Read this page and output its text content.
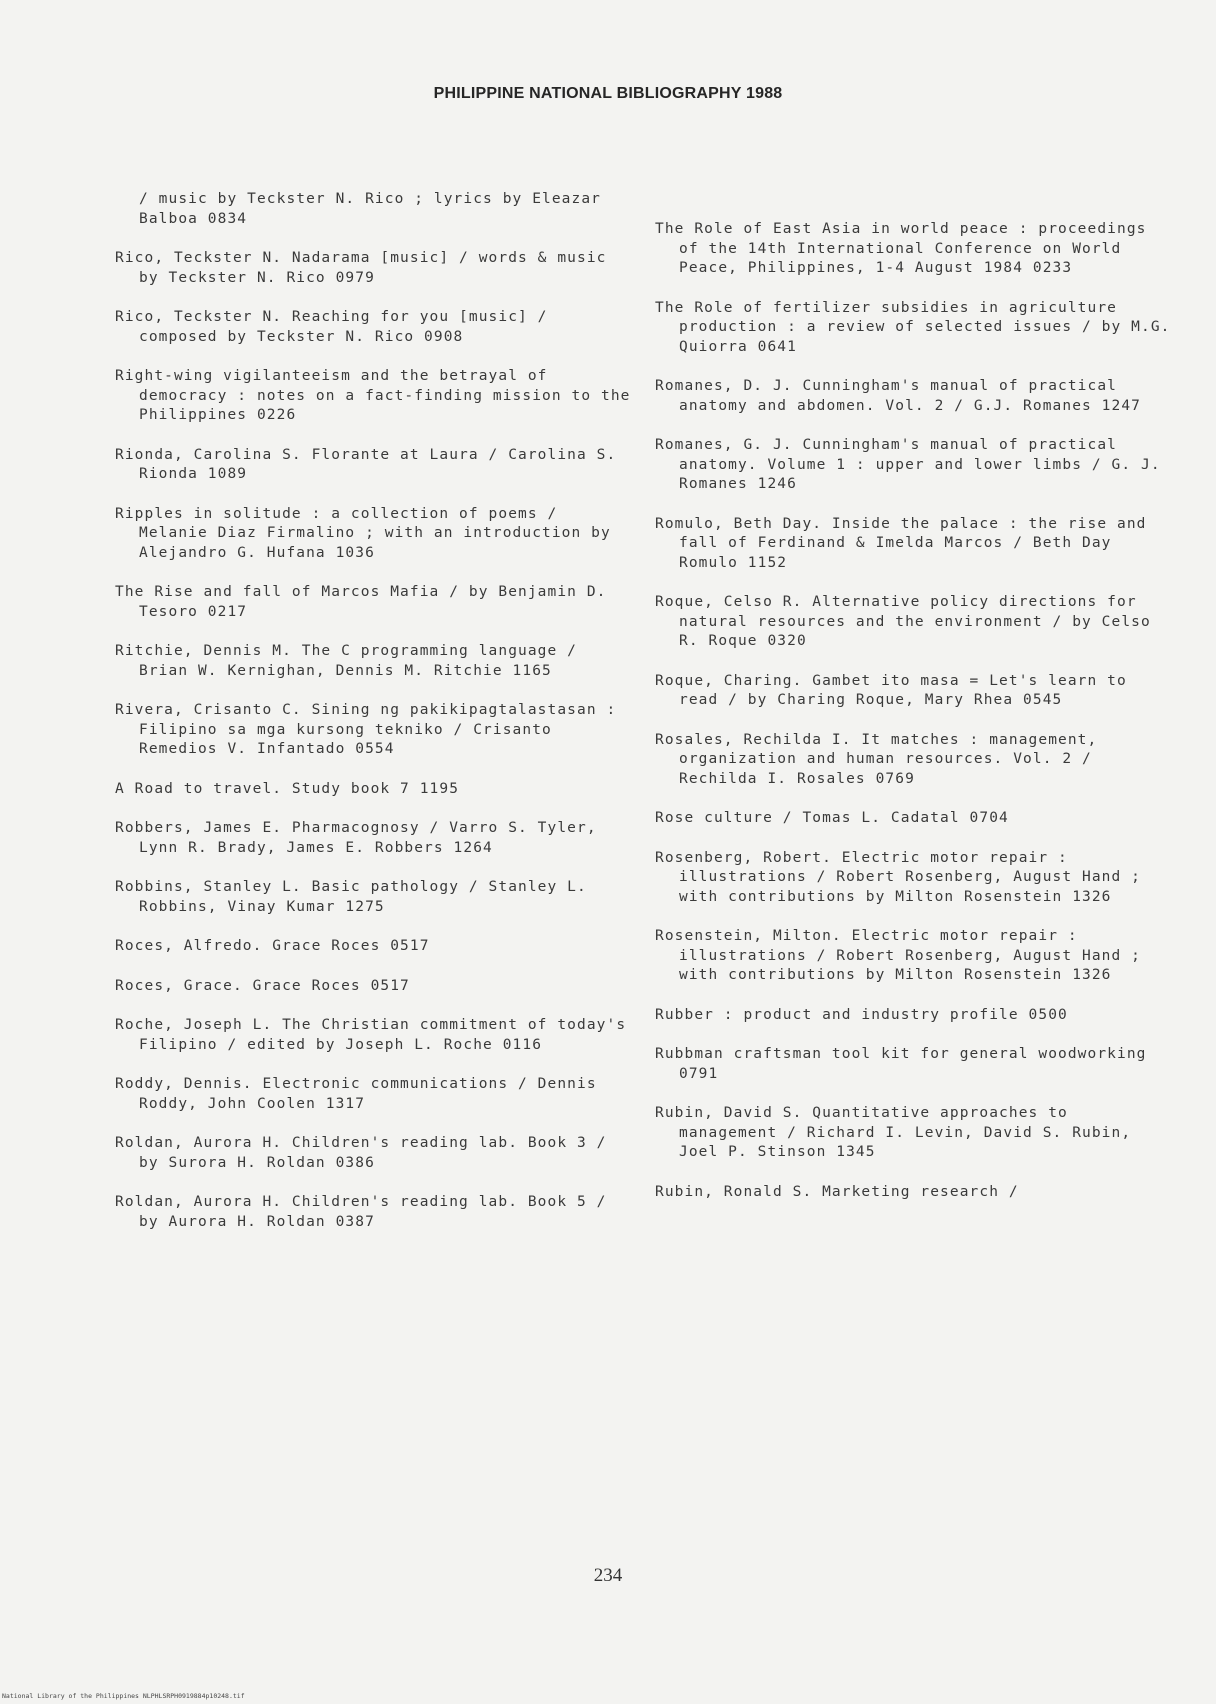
PHILIPPINE NATIONAL BIBLIOGRAPHY 1988

/ music by Teckster N. Rico ; lyrics by Eleazar Balboa 0834

Rico, Teckster N. Nadarama [music] / words & music by Teckster N. Rico 0979

Rico, Teckster N. Reaching for you [music] / composed by Teckster N. Rico 0908

Right-wing vigilanteeism and the betrayal of democracy : notes on a fact-finding mission to the Philippines 0226

Rionda, Carolina S. Florante at Laura / Carolina S. Rionda 1089

Ripples in solitude : a collection of poems / Melanie Diaz Firmalino ; with an introduction by Alejandro G. Hufana 1036

The Rise and fall of Marcos Mafia / by Benjamin D. Tesoro 0217

Ritchie, Dennis M. The C programming language / Brian W. Kernighan, Dennis M. Ritchie 1165

Rivera, Crisanto C. Sining ng pakikipagtalastasan : Filipino sa mga kursong tekniko / Crisanto Remedios V. Infantado 0554

A Road to travel. Study book 7 1195

Robbers, James E. Pharmacognosy / Varro S. Tyler, Lynn R. Brady, James E. Robbers 1264

Robbins, Stanley L. Basic pathology / Stanley L. Robbins, Vinay Kumar 1275

Roces, Alfredo. Grace Roces 0517

Roces, Grace. Grace Roces 0517

Roche, Joseph L. The Christian commitment of today's Filipino / edited by Joseph L. Roche 0116

Roddy, Dennis. Electronic communications / Dennis Roddy, John Coolen 1317

Roldan, Aurora H. Children's reading lab. Book 3 / by Surora H. Roldan 0386

Roldan, Aurora H. Children's reading lab. Book 5 / by Aurora H. Roldan 0387

The Role of East Asia in world peace : proceedings of the 14th International Conference on World Peace, Philippines, 1-4 August 1984 0233

The Role of fertilizer subsidies in agriculture production : a review of selected issues / by M.G. Quiorra 0641

Romanes, D. J. Cunningham's manual of practical anatomy and abdomen. Vol. 2 / G.J. Romanes 1247

Romanes, G. J. Cunningham's manual of practical anatomy. Volume 1 : upper and lower limbs / G. J. Romanes 1246

Romulo, Beth Day. Inside the palace : the rise and fall of Ferdinand & Imelda Marcos / Beth Day Romulo 1152

Roque, Celso R. Alternative policy directions for natural resources and the environment / by Celso R. Roque 0320

Roque, Charing. Gambet ito masa = Let's learn to read / by Charing Roque, Mary Rhea 0545

Rosales, Rechilda I. It matches : management, organization and human resources. Vol. 2 / Rechilda I. Rosales 0769

Rose culture / Tomas L. Cadatal 0704

Rosenberg, Robert. Electric motor repair : illustrations / Robert Rosenberg, August Hand ; with contributions by Milton Rosenstein 1326

Rosenstein, Milton. Electric motor repair : illustrations / Robert Rosenberg, August Hand ; with contributions by Milton Rosenstein 1326

Rubber : product and industry profile 0500

Rubbman craftsman tool kit for general woodworking 0791

Rubin, David S. Quantitative approaches to management / Richard I. Levin, David S. Rubin, Joel P. Stinson 1345

Rubin, Ronald S. Marketing research /

234
National Library of the Philippines NLPHLSRPH0919884p10248.tif
